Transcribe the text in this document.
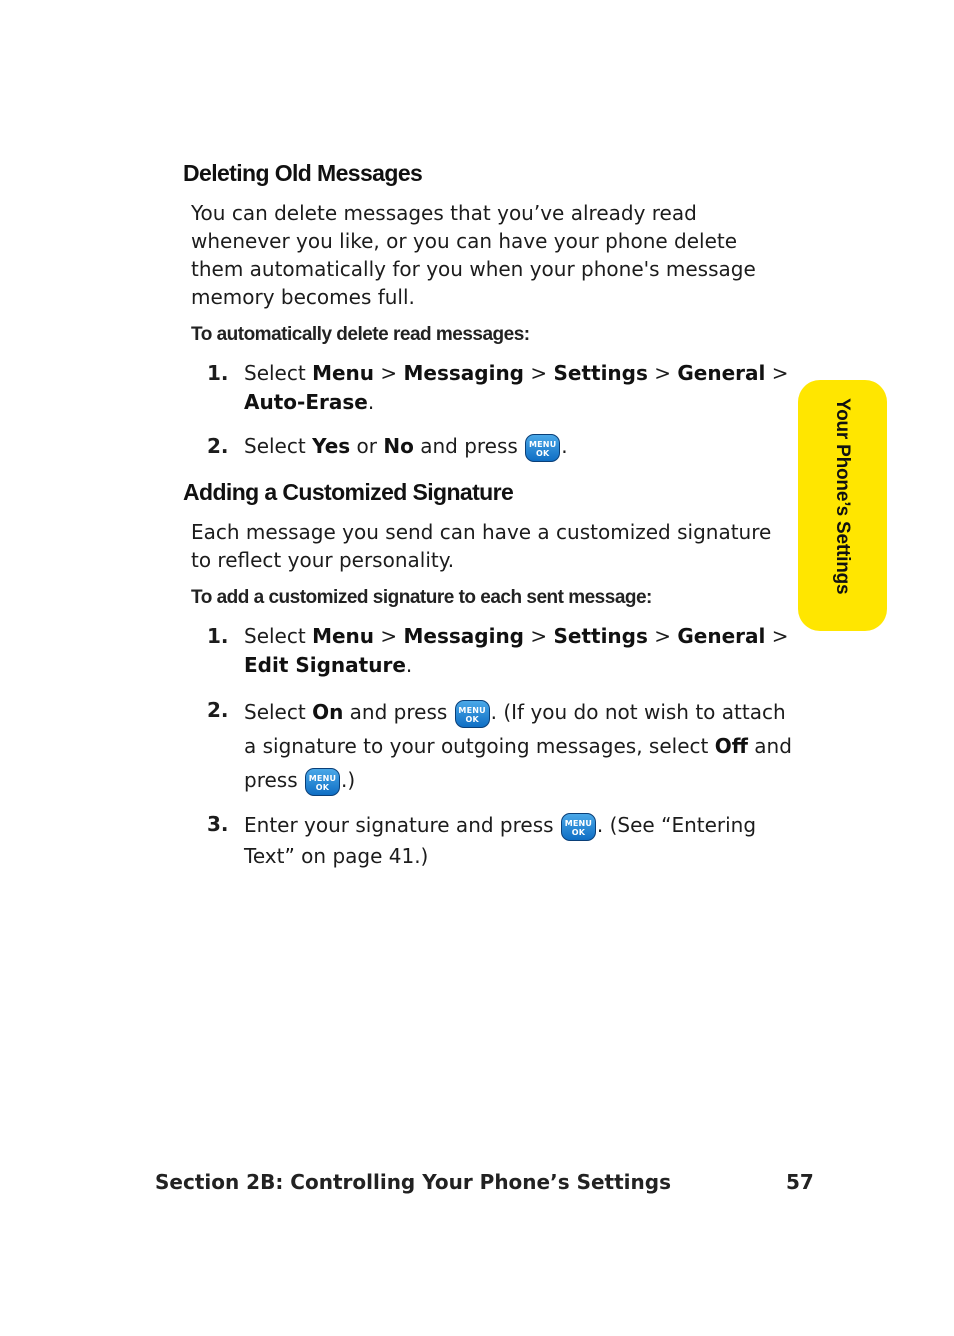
Deleting Old Messages

You can delete messages that you’ve already read whenever you like, or you can have your phone delete them automatically for you when your phone's message memory becomes full.

To automatically delete read messages:

1. Select Menu > Messaging > Settings > General >
Auto-Erase.
2. Select Yes or No and press	MENU
OK .
Adding a Customized Signature

Each message you send can have a customized signature to reflect your personality.

To add a customized signature to each sent message:

1. Select Menu > Messaging > Settings > General >
Edit Signature.
2. Select On and press	MENU
OK . (If you do not wish to attach a signature to your outgoing messages, select Off and press	MENU
OK .)
3. Enter your signature and press	MENU
OK . (See “Entering Text” on page 41.)
Your Phone’s Settings
Section 2B: Controlling Your Phone’s Settings	57
